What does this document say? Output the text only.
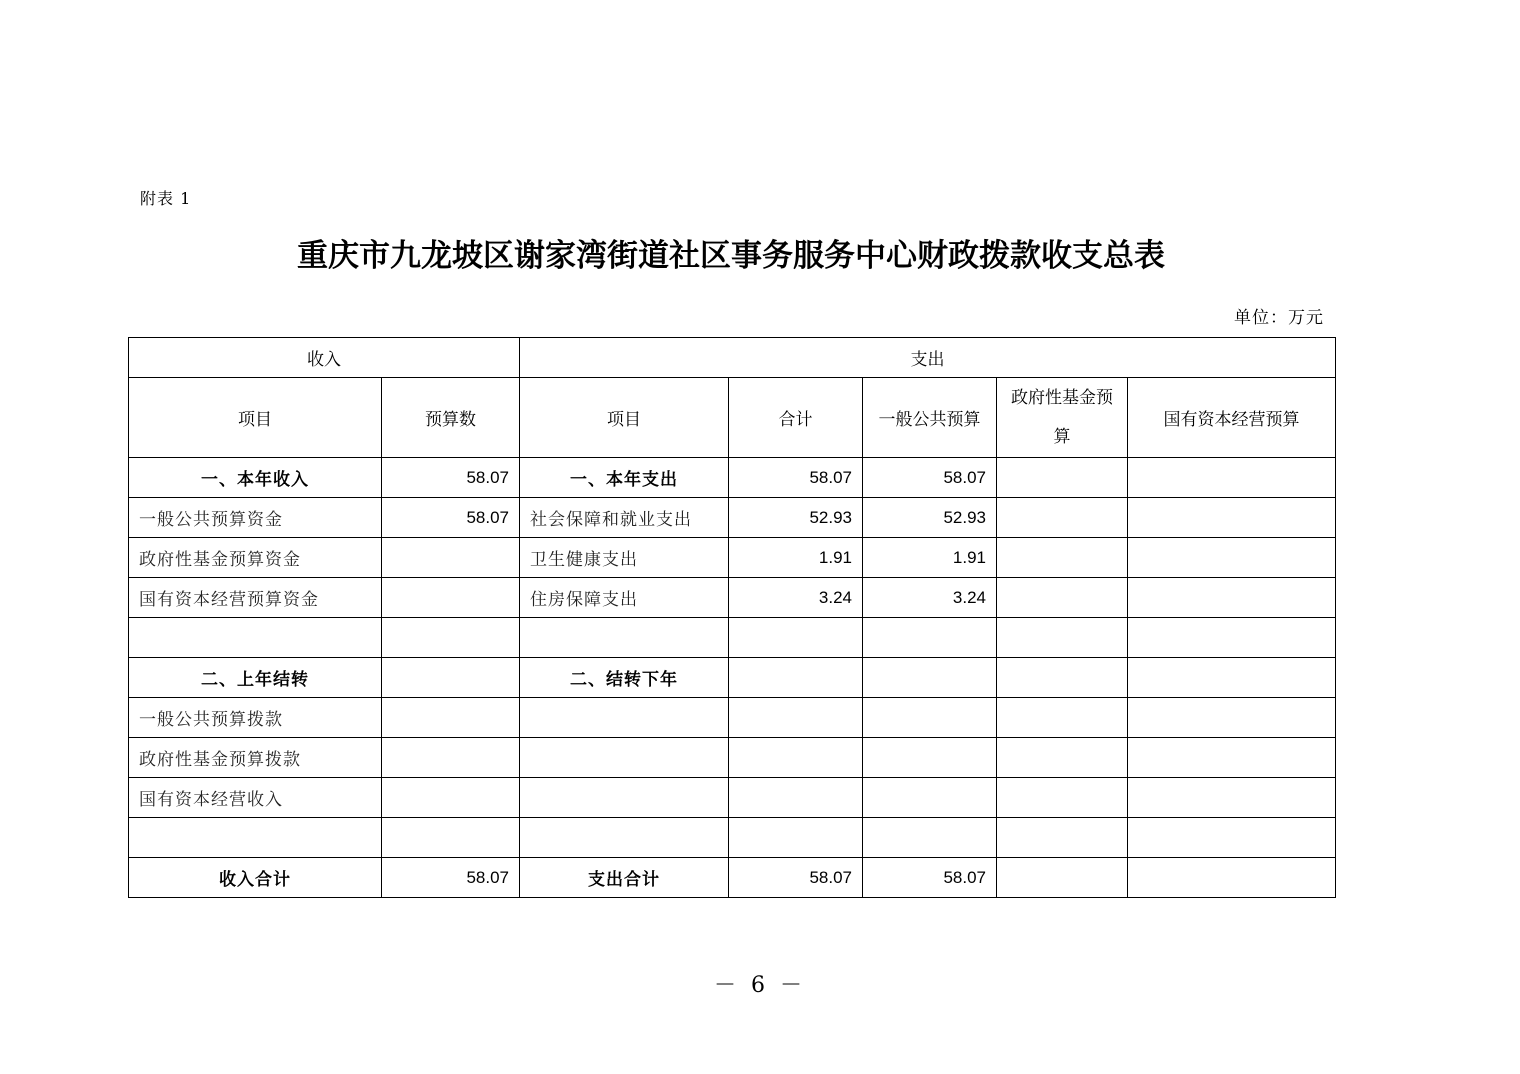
附表 1
重庆市九龙坡区谢家湾街道社区事务服务中心财政拨款收支总表
单位：万元
收入		支出				
项目	预算数	项目	合计	一般公共预算	政府性基金预算	国有资本经营预算
一、本年收入	58.07	一、本年支出	58.07	58.07		
一般公共预算资金	58.07	社会保障和就业支出	52.93	52.93		
政府性基金预算资金		卫生健康支出	1.91	1.91		
国有资本经营预算资金		住房保障支出	3.24	3.24		

二、上年结转		二、结转下年				
一般公共预算拨款						
政府性基金预算拨款						
国有资本经营收入						

收入合计	58.07	支出合计	58.07	58.07		
－ 6 －
